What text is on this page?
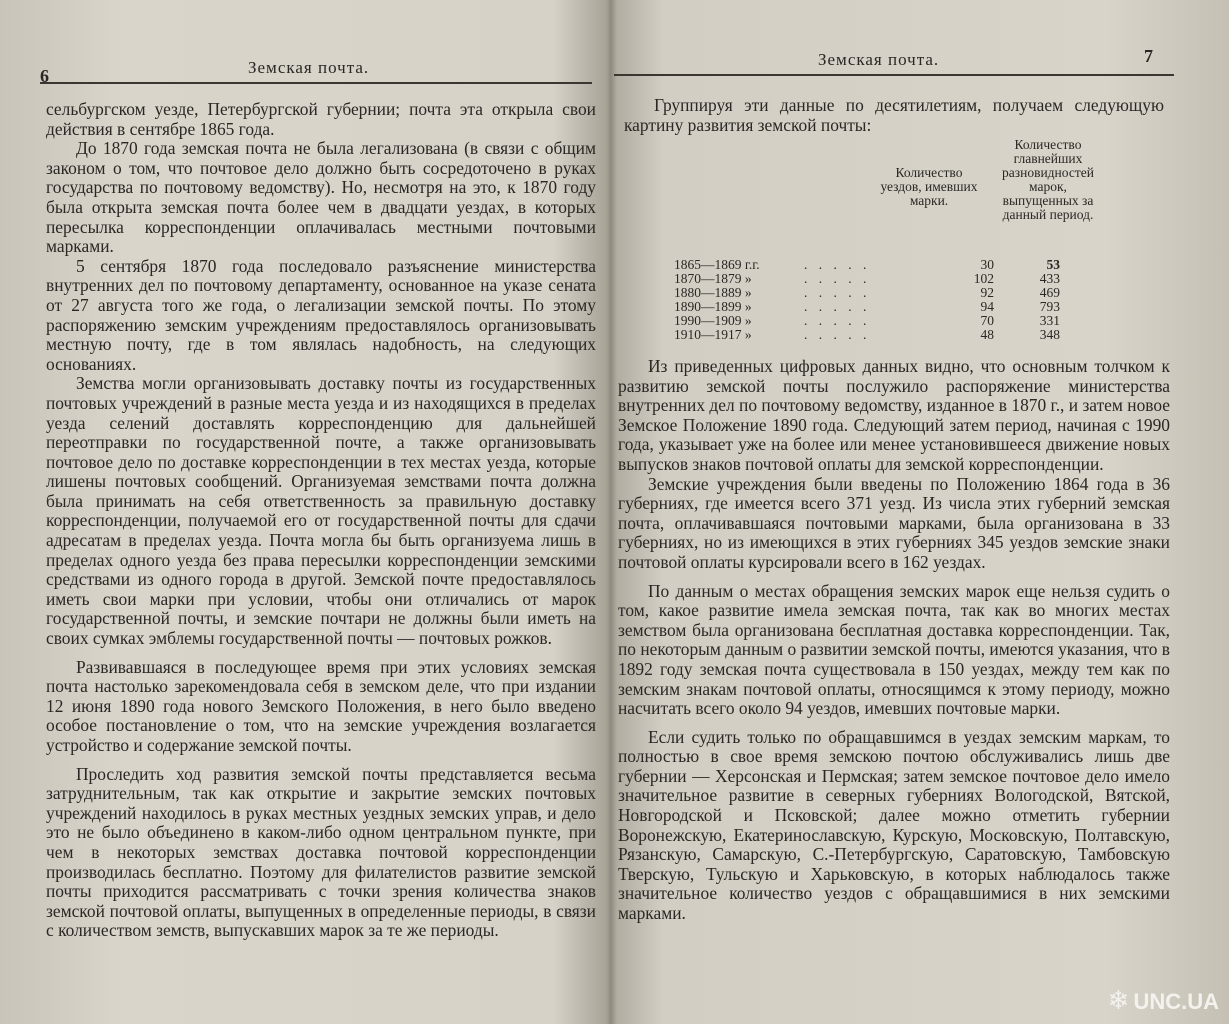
6	Земская почта.

сельбургском уезде, Петербургской губернии; почта эта открыла свои действия в сентябре 1865 года.

До 1870 года земская почта не была легализована (в связи с общим законом о том, что почтовое дело должно быть сосредоточено в руках государства по почтовому ведомству). Но, несмотря на это, к 1870 году была открыта земская почта более чем в двадцати уездах, в которых пересылка корреспонденции оплачивалась местными почтовыми марками.

5 сентября 1870 года последовало разъяснение министерства внутренних дел по почтовому департаменту, основанное на указе сената от 27 августа того же года, о легализации земской почты. По этому распоряжению земским учреждениям предоставлялось организовывать местную почту, где в том являлась надобность, на следующих основаниях.

Земства могли организовывать доставку почты из государственных почтовых учреждений в разные места уезда и из находящихся в пределах уезда селений доставлять корреспонденцию для дальнейшей переотправки по государственной почте, а также организовывать почтовое дело по доставке корреспонденции в тех местах уезда, которые лишены почтовых сообщений. Организуемая земствами почта должна была принимать на себя ответственность за правильную доставку корреспонденции, получаемой его от государственной почты для сдачи адресатам в пределах уезда. Почта могла бы быть организуема лишь в пределах одного уезда без права пересылки корреспонденции земскими средствами из одного города в другой. Земской почте предоставлялось иметь свои марки при условии, чтобы они отличались от марок государственной почты, и земские почтари не должны были иметь на своих сумках эмблемы государственной почты — почтовых рожков.

Развивавшаяся в последующее время при этих условиях земская почта настолько зарекомендовала себя в земском деле, что при издании 12 июня 1890 года нового Земского Положения, в него было введено особое постановление о том, что на земские учреждения возлагается устройство и содержание земской почты.

Проследить ход развития земской почты представляется весьма затруднительным, так как открытие и закрытие земских почтовых учреждений находилось в руках местных уездных земских управ, и дело это не было объединено в каком-либо одном центральном пункте, при чем в некоторых земствах доставка почтовой корреспонденции производилась бесплатно. Поэтому для филателистов развитие земской почты приходится рассматривать с точки зрения количества знаков земской почтовой оплаты, выпущенных в определенные периоды, в связи с количеством земств, выпускавших марок за те же периоды.

Земская почта.	7

Группируя эти данные по десятилетиям, получаем следующую картину развития земской почты:

Количество уездов, имевших марки.
Количество главнейших разновидностей марок, выпущенных за данный период.
1865—1869 г.г.	. . . . .	30	53
1870—1879 »	. . . . .	102	433
1880—1889 »	. . . . .	92	469
1890—1899 »	. . . . .	94	793
1990—1909 »	. . . . .	70	331
1910—1917 »	. . . . .	48	348

Из приведенных цифровых данных видно, что основным толчком к развитию земской почты послужило распоряжение министерства внутренних дел по почтовому ведомству, изданное в 1870 г., и затем новое Земское Положение 1890 года. Следующий затем период, начиная с 1990 года, указывает уже на более или менее установившееся движение новых выпусков знаков почтовой оплаты для земской корреспонденции.

Земские учреждения были введены по Положению 1864 года в 36 губерниях, где имеется всего 371 уезд. Из числа этих губерний земская почта, оплачивавшаяся почтовыми марками, была организована в 33 губерниях, но из имеющихся в этих губерниях 345 уездов земские знаки почтовой оплаты курсировали всего в 162 уездах.

По данным о местах обращения земских марок еще нельзя судить о том, какое развитие имела земская почта, так как во многих местах земством была организована бесплатная доставка корреспонденции. Так, по некоторым данным о развитии земской почты, имеются указания, что в 1892 году земская почта существовала в 150 уездах, между тем как по земским знакам почтовой оплаты, относящимся к этому периоду, можно насчитать всего около 94 уездов, имевших почтовые марки.

Если судить только по обращавшимся в уездах земским маркам, то полностью в свое время земскою почтою обслуживались лишь две губернии — Херсонская и Пермская; затем земское почтовое дело имело значительное развитие в северных губерниях Вологодской, Вятской, Новгородской и Псковской; далее можно отметить губернии Воронежскую, Екатеринославскую, Курскую, Московскую, Полтавскую, Рязанскую, Самарскую, С.-Петербургскую, Саратовскую, Тамбовскую Тверскую, Тульскую и Харьковскую, в которых наблюдалось также значительное количество уездов с обращавшимися в них земскими марками.

❄ UNC.UA
